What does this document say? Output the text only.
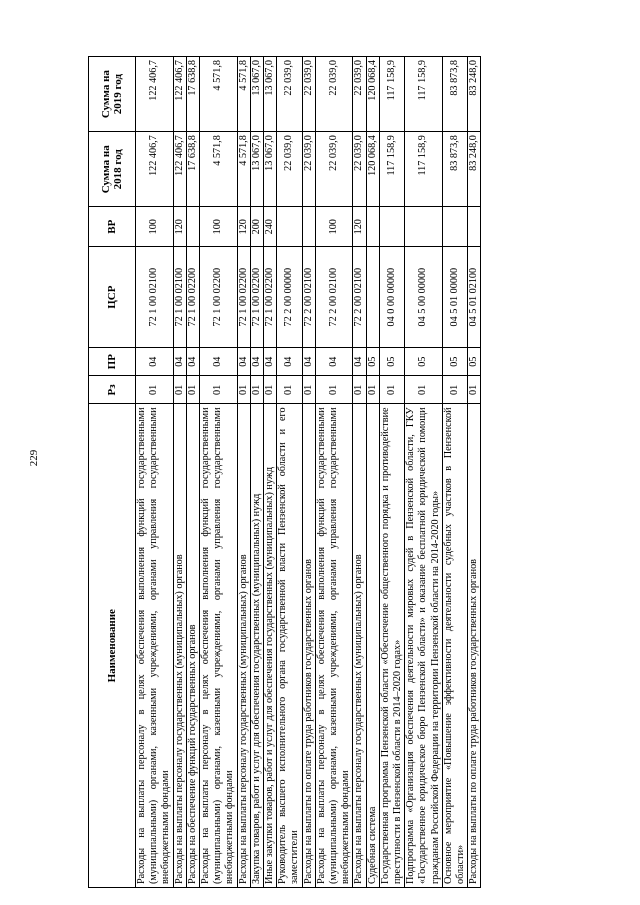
229
Наименование	Рз	ПР	ЦСР	ВР	Сумма на 2018 год	Сумма на 2019 год
Расходы на выплаты персоналу в целях обеспечения выполнения функций государственными (муниципальными) органами, казенными учреждениями, органами управления государственными внебюджетными фондами	01	04	72 1 00 02100	100	122 406,7	122 406,7
Расходы на выплаты персоналу государственных (муниципальных) органов	01	04	72 1 00 02100	120	122 406,7	122 406,7
Расходы на обеспечение функций государственных органов	01	04	72 1 00 02200		17 638,8	17 638,8
Расходы на выплаты персоналу в целях обеспечения выполнения функций государственными (муниципальными) органами, казенными учреждениями, органами управления государственными внебюджетными фондами	01	04	72 1 00 02200	100	4 571,8	4 571,8
Расходы на выплаты персоналу государственных (муниципальных) органов	01	04	72 1 00 02200	120	4 571,8	4 571,8
Закупка товаров, работ и услуг для обеспечения государственных (муниципальных) нужд	01	04	72 1 00 02200	200	13 067,0	13 067,0
Иные закупки товаров, работ и услуг для обеспечения государственных (муниципальных) нужд	01	04	72 1 00 02200	240	13 067,0	13 067,0
Руководитель высшего исполнительного органа государственной власти Пензенской области и его заместители	01	04	72 2 00 00000		22 039,0	22 039,0
Расходы на выплаты по оплате труда работников государственных органов	01	04	72 2 00 02100		22 039,0	22 039,0
Расходы на выплаты персоналу в целях обеспечения выполнения функций государственными (муниципальными) органами, казенными учреждениями, органами управления государственными внебюджетными фондами	01	04	72 2 00 02100	100	22 039,0	22 039,0
Расходы на выплаты персоналу государственных (муниципальных) органов	01	04	72 2 00 02100	120	22 039,0	22 039,0
Судебная система	01	05			120 068,4	120 068,4
Государственная программа Пензенской области «Обеспечение общественного порядка и противодействие преступности в Пензенской области в 2014–2020 годах»	01	05	04 0 00 00000		117 158,9	117 158,9
Подпрограмма «Организация обеспечения деятельности мировых судей в Пензенской области, ГКУ «Государственное юридическое бюро Пензенской области» и оказание бесплатной юридической помощи гражданам Российской Федерации на территории Пензенской области на 2014-2020 годы»	01	05	04 5 00 00000		117 158,9	117 158,9
Основное мероприятие «Повышение эффективности деятельности судебных участков в Пензенской области»	01	05	04 5 01 00000		83 873,8	83 873,8
Расходы на выплаты по оплате труда работников государственных органов	01	05	04 5 01 02100		83 248,0	83 248,0
